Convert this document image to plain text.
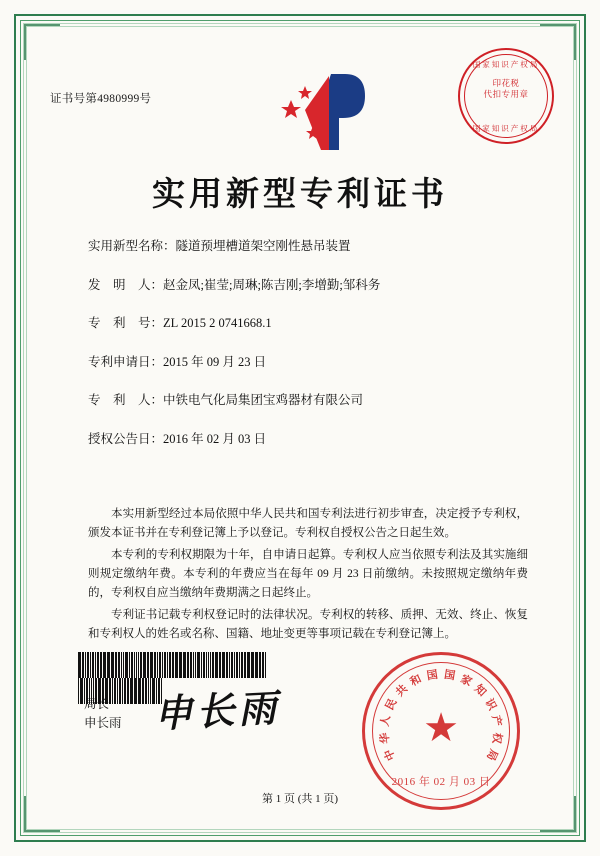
证书号第4980999号
国家知识产权局
印花税
代扣专用章
国家知识产权局
实用新型专利证书
实用新型名称： 隧道预埋槽道架空刚性悬吊装置
发　明　人： 赵金凤;崔莹;周琳;陈吉刚;李增勤;邹科务
专　利　号： ZL 2015 2 0741668.1
专利申请日： 2015 年 09 月 23 日
专　利　人： 中铁电气化局集团宝鸡器材有限公司
授权公告日： 2016 年 02 月 03 日

本实用新型经过本局依照中华人民共和国专利法进行初步审查，决定授予专利权，颁发本证书并在专利登记簿上予以登记。专利权自授权公告之日起生效。

本专利的专利权期限为十年，自申请日起算。专利权人应当依照专利法及其实施细则规定缴纳年费。本专利的年费应当在每年 09 月 23 日前缴纳。未按照规定缴纳年费的，专利权自应当缴纳年费期满之日起终止。

专利证书记载专利权登记时的法律状况。专利权的转移、质押、无效、终止、恢复和专利权人的姓名或名称、国籍、地址变更等事项记载在专利登记簿上。

局长
申长雨 申长雨
中
华
人
民
共
和 国 国 家
知
识
产
权
局
★
2016 年 02 月 03 日
第 1 页 (共 1 页)
